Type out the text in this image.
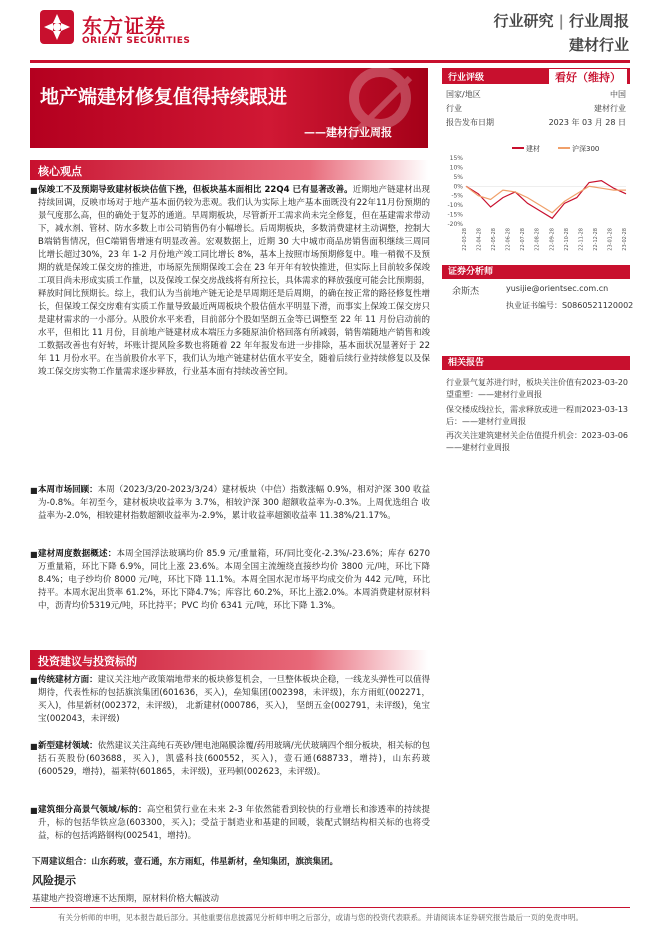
东方证券
ORIENT SECURITIES
行业研究 | 行业周报
建材行业
地产端建材修复值得持续跟进
——建材行业周报
行业评级	看好（维持）
国家/地区	中国
行业	建材行业
报告发布日期	2023 年 03 月 28 日
建材	沪深300
15%
10%
5%
0%
-5%
-10%
-15%
-20%
22-03-28 22-04-28 22-05-28 22-06-28 22-07-28 22-08-28 22-09-28 22-10-28 22-11-28 22-12-28 23-01-28 23-02-28
证券分析师
余斯杰	yusijie@orientsec.com.cn
执业证书编号：S0860521120002
相关报告
行业景气复苏进行时，板块关注价值有望重塑：——建材行业周报
2023-03-20
保交楼成线拉长，需求释放或进一程而后：——建材行业周报
2023-03-13
再次关注建筑建材关企估值提升机会：——建材行业周报
2023-03-06
核心观点
■ 保竣工不及预期导致建材板块估值下挫，但板块基本面相比 22Q4 已有显著改善。近期地产链建材出现持续回调，反映市场对于地产基本面仍较为悲观。我们认为实际上地产基本面既没有22年11月份预期的景气度那么高，但的确处于复苏的通道。早周期板块，尽管新开工需求尚未完全修复，但在基建需求带动下，减水剂、管材、防水多数上市公司销售仍有小幅增长。后周期板块，多数消费建材主动调整，控制大B端销售情况，但C端销售增速有明显改善。宏观数据上，近期 30 大中城市商品房销售面积继续三周同比增长超过30%，23 年 1-2 月份地产竣工同比增长 8%，基本上按照市场预期修复中。唯一稍微不及预期的就是保竣工保交房的推进，市场原先预期保竣工会在 23 年开年有较快推进，但实际上目前较多保竣工项目尚未形成实质工作量，以及保竣工保交房战线将有所拉长，具体需求的释放强度可能会比预期弱，释放时间比预期长。综上，我们认为当前地产链无论是早周期还是后周期，的确在按正常的路径修复性增长，但保竣工保交房难有实质工作量导致最近两周板块个股估值水平明显下滑，而事实上保竣工保交房只是建材需求的一小部分。从股价水平来看，目前部分个股如坚朗五金等已调整至 22 年 11 月份启动前的水平，但相比 11 月份，目前地产链建材成本端压力多随原油价格回落有所减弱，销售端随地产销售和竣工数据改善也有好转，坏账计提风险多数也将随着 22 年年报发布进一步排除，基本面状况显著好于 22 年 11 月份水平。在当前股价水平下，我们认为地产链建材估值水平安全，随着后续行业持续修复以及保竣工保交房实物工作量需求逐步释放，行业基本面有持续改善空间。
■ 本周市场回顾：本周（2023/3/20-2023/3/24）建材板块（中信）指数涨幅 0.9%，相对沪深 300 收益为-0.8%。年初至今，建材板块收益率为 3.7%，相较沪深 300 超额收益率为-0.3%。上周优选组合 收益率为-2.0%，相较建材指数超额收益率为-2.9%，累计收益率超额收益率 11.38%/21.17%。
■ 建材周度数据概述：本周全国浮法玻璃均价 85.9 元/重量箱，环/同比变化-2.3%/-23.6%；库存 6270 万重量箱，环比下降 6.9%，同比上涨 23.6%。本周全国主流缠绕直接纱均价 3800 元/吨，环比下降 8.4%；电子纱均价 8000 元/吨，环比下降 11.1%。本周全国水泥市场平均成交价为 442 元/吨，环比持平。本周水泥出货率 61.2%，环比下降4.7%；库容比 60.2%，环比上涨2.0%。本周消费建材原材料中，沥青均价5319元/吨，环比持平；PVC 均价 6341 元/吨，环比下降 1.3%。
投资建议与投资标的
■ 传统建材方面：建议关注地产政策端地带来的板块修复机会，一旦整体板块企稳，一线龙头弹性可以值得期待，代表性标的包括旗滨集团(601636，买入)，垒知集团(002398，未评级)，东方雨虹(002271，买入)，伟星新材(002372，未评级)， 北新建材(000786，买入)， 坚朗五金(002791，未评级)，兔宝宝(002043，未评级)
■ 新型建材领域：依然建议关注高纯石英砂/锂电池隔膜涂覆/药用玻璃/光伏玻璃四个细分板块，相关标的包括石英股份(603688，买入)，凯盛科技(600552，买入)，壹石通(688733，增持)，山东药玻(600529，增持)，福莱特(601865，未评级)，亚玛顿(002623，未评级)。
■ 建筑细分高景气领域/标的：高空租赁行业在未来 2-3 年依然能看到较快的行业增长和渗透率的持续提升，标的包括华铁应急(603300，买入)；受益于制造业和基建的回暖，装配式钢结构相关标的也将受益，标的包括鸿路钢构(002541，增持)。
下周建议组合：山东药玻，壹石通，东方雨虹，伟星新材，垒知集团，旗滨集团。
风险提示
基建地产投资增速不达预期，原材料价格大幅波动
有关分析师的申明，见本报告最后部分。其他重要信息披露见分析师申明之后部分，或请与您的投资代表联系。并请阅读本证券研究报告最后一页的免责申明。
